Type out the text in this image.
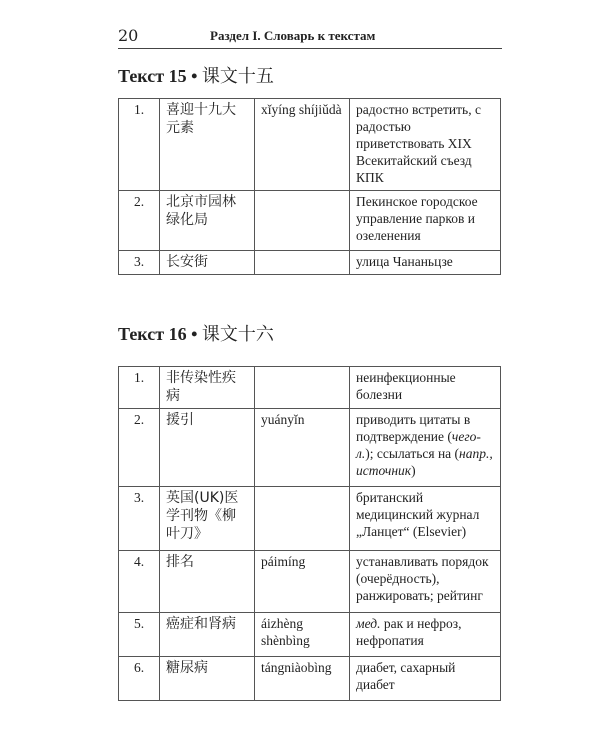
20	Раздел I. Словарь к текстам
Текст 15 • 课文十五
1.	喜迎十九大元素	xǐyíng shíjiǔdà	радостно встретить, с радостью приветствовать XIX Всекитайский съезд КПК
2.	北京市园林绿化局		Пекинское городское управление парков и озеленения
3.	长安街		улица Чананьцзе
Текст 16 • 课文十六
1.	非传染性疾病		неинфекционные болезни
2.	援引	yuányǐn	приводить цитаты в подтверждение (чего-л.); ссылаться на (напр., источник)
3.	英国(UK)医学刊物《柳叶刀》		британский медицинский журнал „Ланцет“ (Elsevier)
4.	排名	páimíng	устанавливать порядок (очерёдность), ранжировать; рейтинг
5.	癌症和肾病	áizhèng shènbìng	мед. рак и нефроз, нефропатия
6.	糖尿病	tángniàobìng	диабет, сахарный диабет
